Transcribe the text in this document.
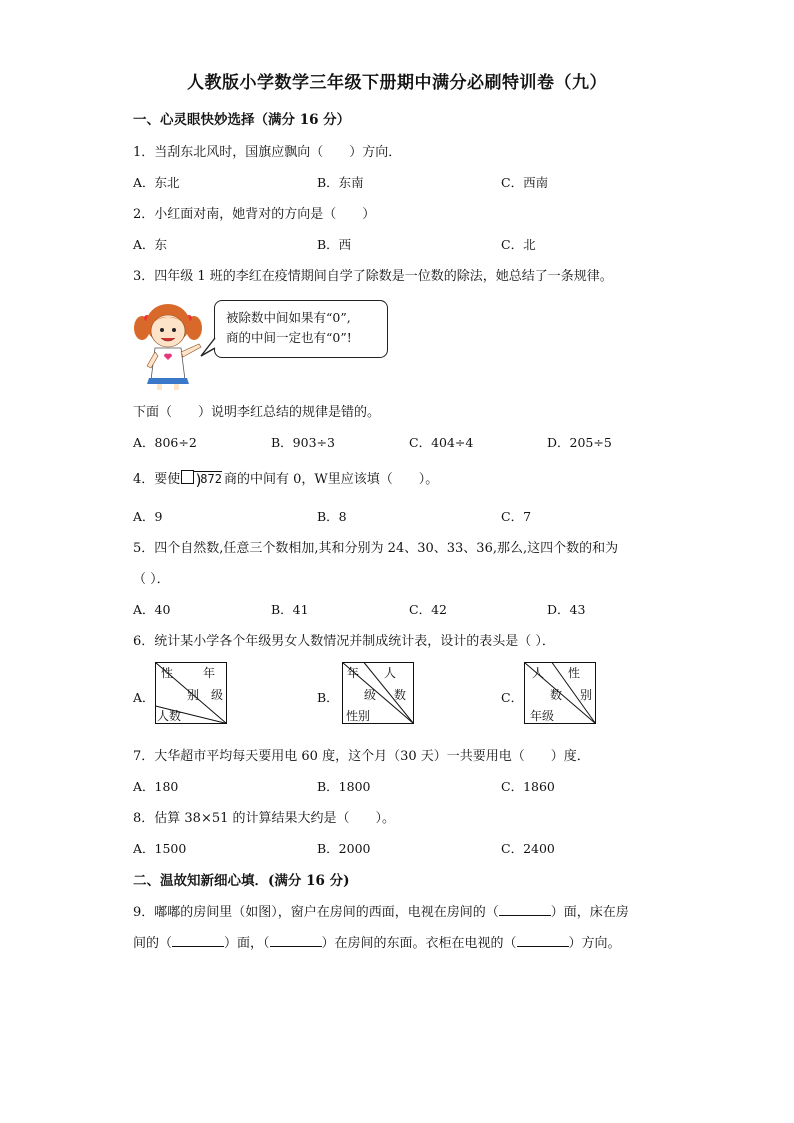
人教版小学数学三年级下册期中满分必刷特训卷（九）
一、心灵眼快妙选择（满分 16 分）
1．当刮东北风时，国旗应飘向（　　）方向．
A．东北	B．东南	C．西南
2．小红面对南，她背对的方向是（　　）
A．东	B．西	C．北
3．四年级 1 班的李红在疫情期间自学了除数是一位数的除法，她总结了一条规律。
被除数中间如果有“0”,
商的中间一定也有“0”!
下面（　　）说明李红总结的规律是错的。
A．806÷2	B．903÷3	C．404÷4	D．205÷5
4．要使 )
872 商的中间有 0，W里应该填（　　）。
A．9	B．8	C．7
5．四个自然数,任意三个数相加,其和分别为 24、30、33、36,那么,这四个数的和为
（ ）．
A．40	B．41	C．42	D．43
6．统计某小学各个年级男女人数情况并制成统计表，设计的表头是（ ）．
A．
性 年
别 级
人数
B．
年 人
级 数
性别
C．
人 性
数 别
年级
7．大华超市平均每天要用电 60 度，这个月（30 天）一共要用电（　　）度．
A．180	B．1800	C．1860
8．估算 38×51 的计算结果大约是（　　）。
A．1500	B．2000	C．2400
二、温故知新细心填．(满分 16 分)
9．嘟嘟的房间里（如图），窗户在房间的西面，电视在房间的（	）面，床在房
间的（	）面，（	）在房间的东面。衣柜在电视的（	）方向。
